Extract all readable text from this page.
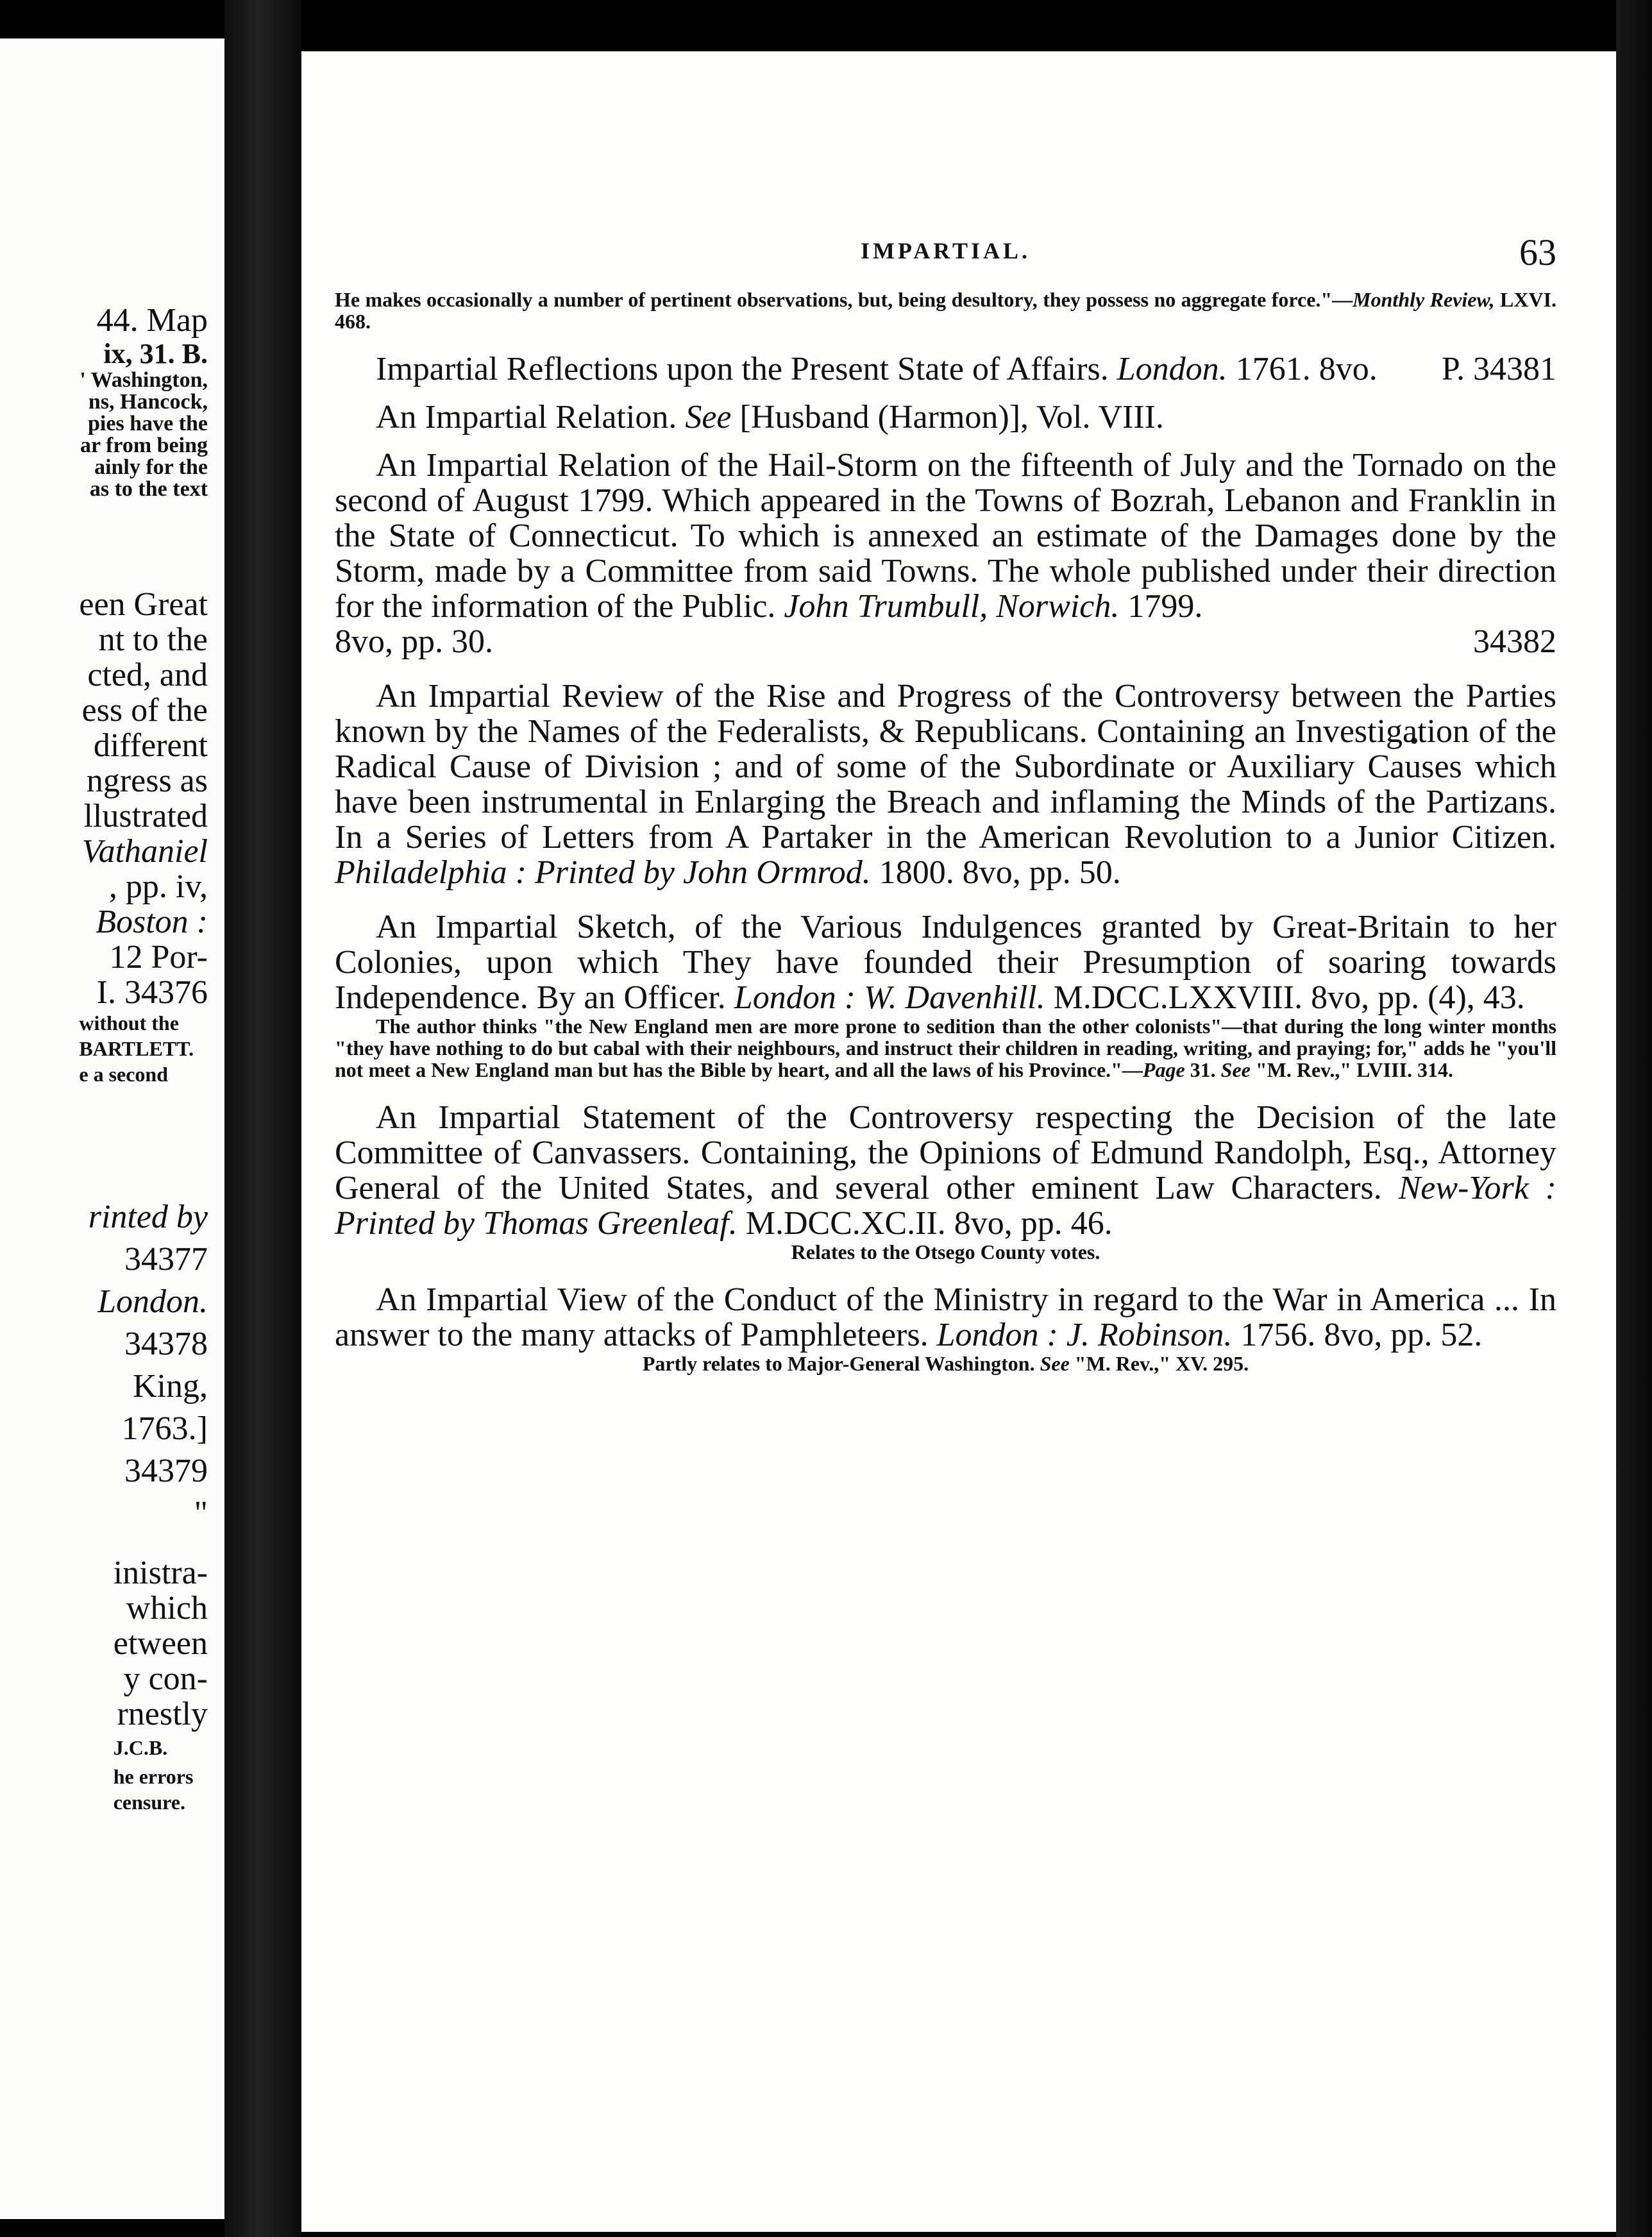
44. Map
ix, 31. B.
' Washington,
ns, Hancock,
pies have the
ar from being
ainly for the
as to the text
een Great
nt to the
cted, and
ess of the
different
ngress as
llustrated
Vathaniel
, pp. iv,
Boston :
12 Por-
I. 34376
without the
BARTLETT.
e a second
rinted by
34377
London.
34378
King,
1763.]
34379
"
inistra-
which
etween
y con-
rnestly
J.C.B.
he errors
censure.
IMPARTIAL.	63

He makes occasionally a number of pertinent observations, but, being desultory, they possess no aggregate force."—Monthly Review, LXVI. 468.

Impartial Reflections upon the Present State of Affairs. London. 1761. 8vo.	P. 34381

An Impartial Relation. See [Husband (Harmon)], Vol. VIII.

An Impartial Relation of the Hail-Storm on the fifteenth of July and the Tornado on the second of August 1799. Which appeared in the Towns of Bozrah, Lebanon and Franklin in the State of Connecticut. To which is annexed an estimate of the Damages done by the Storm, made by a Committee from said Towns. The whole published under their direction for the information of the Public. John Trumbull, Norwich. 1799.

8vo, pp. 30.	34382

An Impartial Review of the Rise and Progress of the Controversy between the Parties known by the Names of the Federalists, & Republicans. Containing an Investigation of the Radical Cause of Division ; and of some of the Subordinate or Auxiliary Causes which have been instrumental in Enlarging the Breach and inflaming the Minds of the Partizans. In a Series of Letters from A Partaker in the American Revolution to a Junior Citizen. Philadelphia : Printed by John Ormrod. 1800. 8vo, pp. 50.

An Impartial Sketch, of the Various Indulgences granted by Great-Britain to her Colonies, upon which They have founded their Presumption of soaring towards Independence. By an Officer. London : W. Davenhill. M.DCC.LXXVIII. 8vo, pp. (4), 43.

The author thinks "the New England men are more prone to sedition than the other colonists"—that during the long winter months "they have nothing to do but cabal with their neighbours, and instruct their children in reading, writing, and praying; for," adds he "you'll not meet a New England man but has the Bible by heart, and all the laws of his Province."—Page 31. See "M. Rev.," LVIII. 314.

An Impartial Statement of the Controversy respecting the Decision of the late Committee of Canvassers. Containing, the Opinions of Edmund Randolph, Esq., Attorney General of the United States, and several other eminent Law Characters. New-York : Printed by Thomas Greenleaf. M.DCC.XC.II. 8vo, pp. 46.

Relates to the Otsego County votes.

An Impartial View of the Conduct of the Ministry in regard to the War in America ... In answer to the many attacks of Pamphleteers. London : J. Robinson. 1756. 8vo, pp. 52.

Partly relates to Major-General Washington. See "M. Rev.," XV. 295.
